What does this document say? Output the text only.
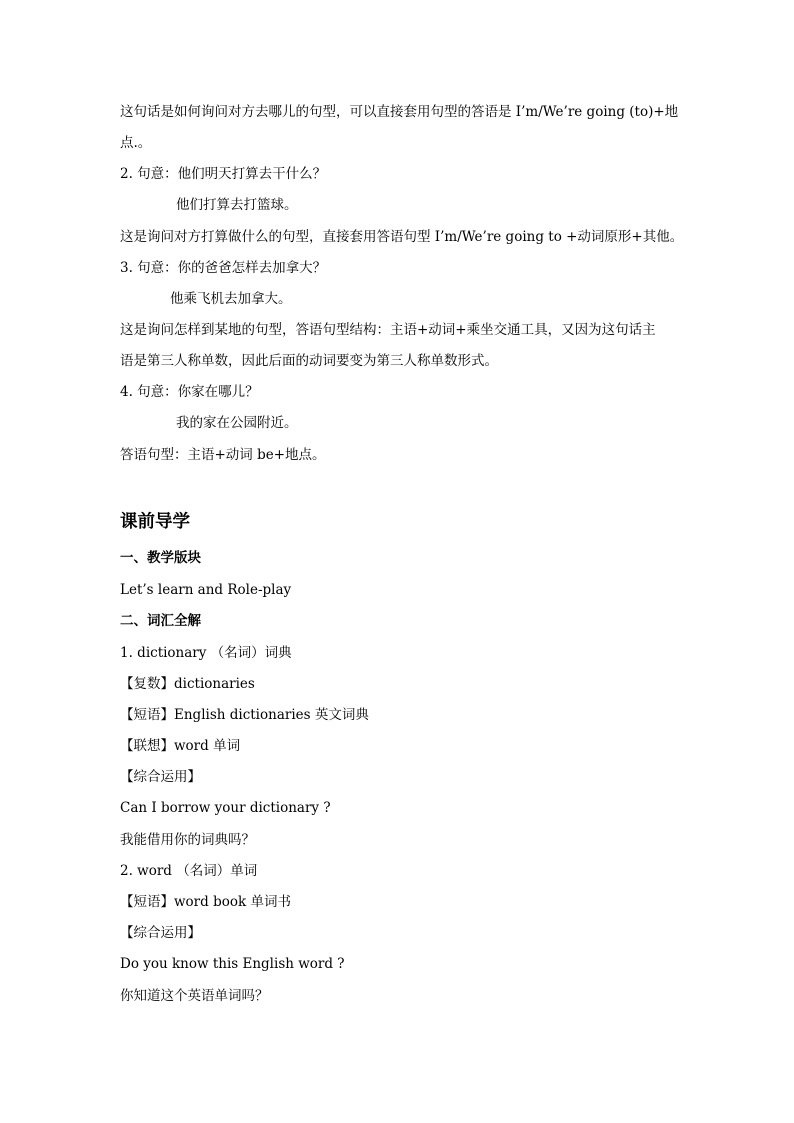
这句话是如何询问对方去哪儿的句型，可以直接套用句型的答语是 I’m/We’re going (to)+地
点.。
2. 句意：他们明天打算去干什么？
他们打算去打篮球。
这是询问对方打算做什么的句型，直接套用答语句型 I’m/We’re going to +动词原形+其他。
3. 句意：你的爸爸怎样去加拿大？
他乘飞机去加拿大。
这是询问怎样到某地的句型，答语句型结构：主语+动词+乘坐交通工具，又因为这句话主
语是第三人称单数，因此后面的动词要变为第三人称单数形式。
4. 句意：你家在哪儿？
我的家在公园附近。
答语句型：主语+动词 be+地点。
课前导学
一、教学版块
Let’s learn and Role-play
二、词汇全解
1. dictionary （名词）词典
【复数】dictionaries
【短语】English dictionaries 英文词典
【联想】word 单词
【综合运用】
Can I borrow your dictionary ?
我能借用你的词典吗？
2. word （名词）单词
【短语】word book 单词书
【综合运用】
Do you know this English word ?
你知道这个英语单词吗？
